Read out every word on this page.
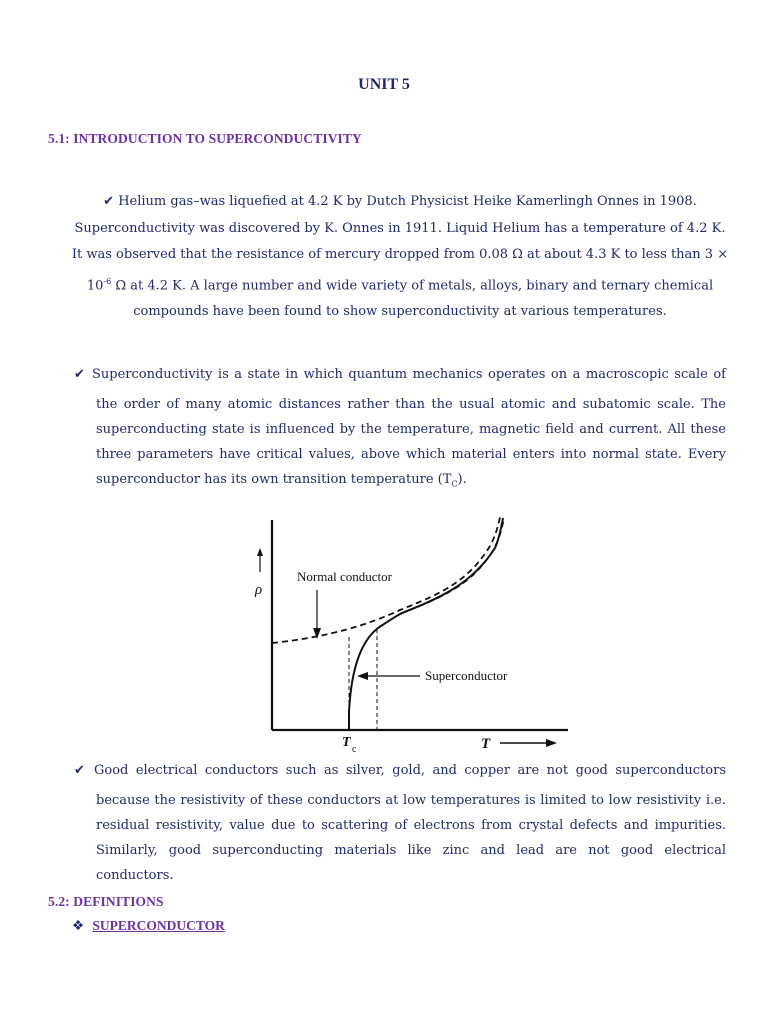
UNIT 5
5.1: INTRODUCTION TO SUPERCONDUCTIVITY
✔ Helium gas–was liquefied at 4.2 K by Dutch Physicist Heike Kamerlingh Onnes in 1908.
Superconductivity was discovered by K. Onnes in 1911. Liquid Helium has a temperature of 4.2 K.
It was observed that the resistance of mercury dropped from 0.08 Ω at about 4.3 K to less than 3 ×
$10^{-6}$ Ω at 4.2 K. A large number and wide variety of metals, alloys, binary and ternary chemical
compounds have been found to show superconductivity at various temperatures.
✔ Superconductivity is a state in which quantum mechanics operates on a macroscopic scale of
the order of many atomic distances rather than the usual atomic and subatomic scale. The superconducting state is influenced by the temperature, magnetic field and current. All these three parameters have critical values, above which material enters into normal state. Every superconductor has its own transition temperature $(T_C)$.
ρ
Normal conductor
Superconductor
T c	T
✔ Good electrical conductors such as silver, gold, and copper are not good superconductors
because the resistivity of these conductors at low temperatures is limited to low resistivity i.e. residual resistivity, value due to scattering of electrons from crystal defects and impurities. Similarly, good superconducting materials like zinc and lead are not good electrical conductors.
5.2: DEFINITIONS
❖ SUPERCONDUCTOR
